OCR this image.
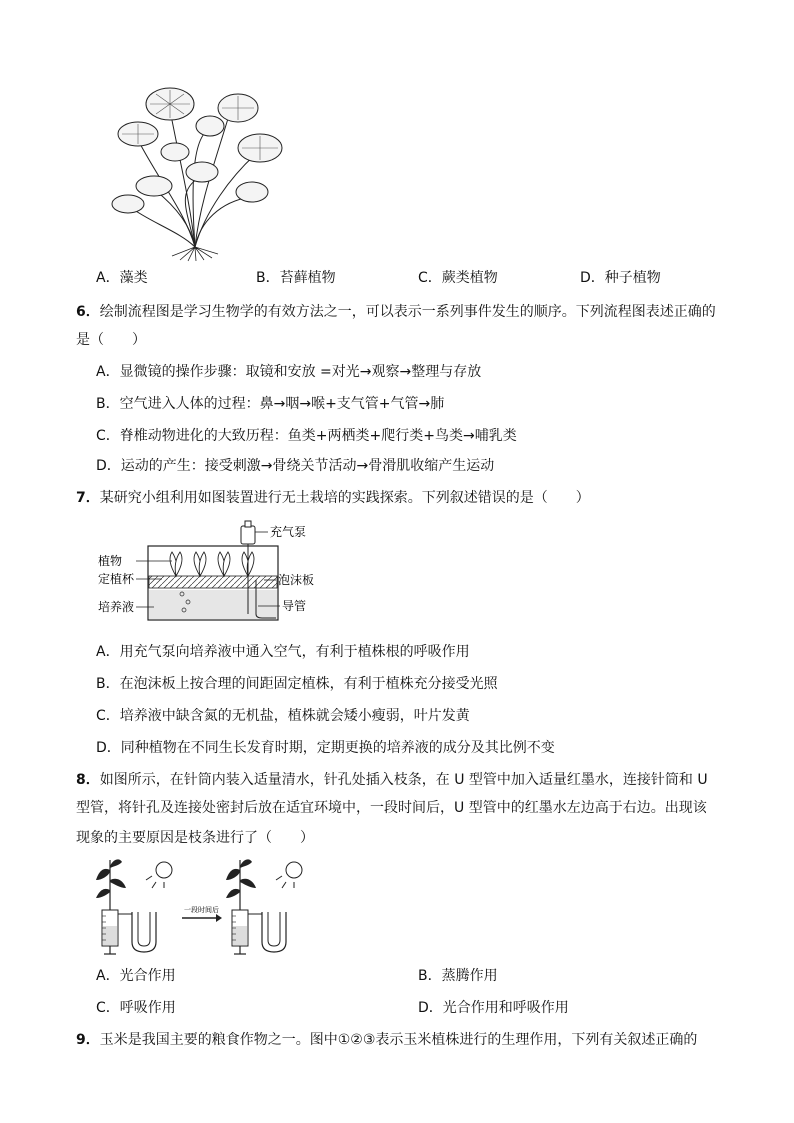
A．藻类	B．苔藓植物	C．蕨类植物	D．种子植物
6．绘制流程图是学习生物学的有效方法之一，可以表示一系列事件发生的顺序。下列流程图表述正确的
是（　　）
A．显微镜的操作步骤：取镜和安放 =对光→观察→整理与存放
B．空气进入人体的过程：鼻→咽→喉+支气管+气管→肺
C．脊椎动物进化的大致历程：鱼类+两栖类+爬行类+鸟类→哺乳类
D．运动的产生：接受刺激→骨绕关节活动→骨滑肌收缩产生运动
7．某研究小组利用如图装置进行无土栽培的实践探索。下列叙述错误的是（　　）
植物
定植杯
培养液
充气泵
泡沫板
导管
A．用充气泵向培养液中通入空气，有利于植株根的呼吸作用
B．在泡沫板上按合理的间距固定植株，有利于植株充分接受光照
C．培养液中缺含氮的无机盐，植株就会矮小瘦弱，叶片发黄
D．同种植物在不同生长发育时期，定期更换的培养液的成分及其比例不变
8．如图所示，在针筒内装入适量清水，针孔处插入枝条，在 U 型管中加入适量红墨水，连接针筒和 U
型管，将针孔及连接处密封后放在适宜环境中，一段时间后，U 型管中的红墨水左边高于右边。出现该
现象的主要原因是枝条进行了（　　）
一段时间后
A．光合作用	B．蒸腾作用
C．呼吸作用	D．光合作用和呼吸作用
9．玉米是我国主要的粮食作物之一。图中①②③表示玉米植株进行的生理作用，下列有关叙述正确的
